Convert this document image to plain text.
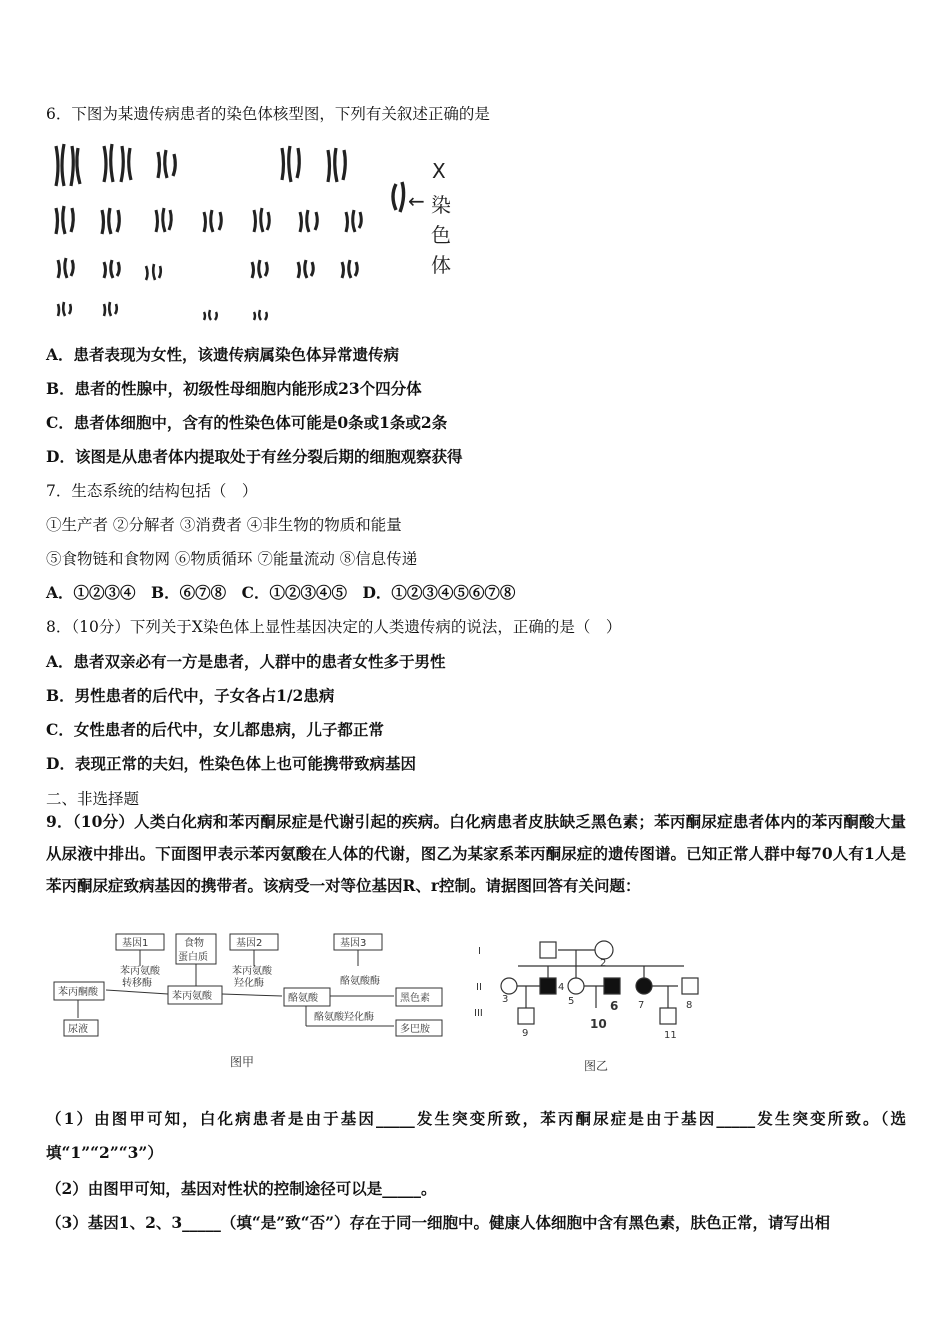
6．下图为某遗传病患者的染色体核型图，下列有关叙述正确的是
←
X
染
色
体
A．患者表现为女性，该遗传病属染色体异常遗传病
B．患者的性腺中，初级性母细胞内能形成23个四分体
C．患者体细胞中，含有的性染色体可能是0条或1条或2条
D．该图是从患者体内提取处于有丝分裂后期的细胞观察获得
7．生态系统的结构包括（　）
①生产者 ②分解者 ③消费者 ④非生物的物质和能量
⑤食物链和食物网 ⑥物质循环 ⑦能量流动 ⑧信息传递
A．①②③④　B．⑥⑦⑧　C．①②③④⑤　D．①②③④⑤⑥⑦⑧
8．（10分）下列关于X染色体上显性基因决定的人类遗传病的说法，正确的是（　）
A．患者双亲必有一方是患者，人群中的患者女性多于男性
B．男性患者的后代中，子女各占1/2患病
C．女性患者的后代中，女儿都患病，儿子都正常
D．表现正常的夫妇，性染色体上也可能携带致病基因
二、非选择题
9．（10分）人类白化病和苯丙酮尿症是代谢引起的疾病。白化病患者皮肤缺乏黑色素；苯丙酮尿症患者体内的苯丙酮酸大量从尿液中排出。下面图甲表示苯丙氨酸在人体的代谢，图乙为某家系苯丙酮尿症的遗传图谱。已知正常人群中每70人有1人是苯丙酮尿症致病基因的携带者。该病受一对等位基因R、r控制。请据图回答有关问题：
基因1	食物
蛋白质
基因2	基因3
苯丙氨酸
转移酶
苯丙氨酸
羟化酶	酪氨酸酶
酪氨酸羟化酶
苯丙酮酸	苯丙氨酸	酪氨酸	黑色素
尿液	多巴胺
图甲
I
II
III
2
3
4
5	6 7	8
9
10
11
图乙
（1）由图甲可知，白化病患者是由于基因_____发生突变所致，苯丙酮尿症是由于基因_____发生突变所致。（选填“1”“2”“3”）
（2）由图甲可知，基因对性状的控制途径可以是_____。
（3）基因1、2、3_____（填“是”致“否”）存在于同一细胞中。健康人体细胞中含有黑色素，肤色正常，请写出相
